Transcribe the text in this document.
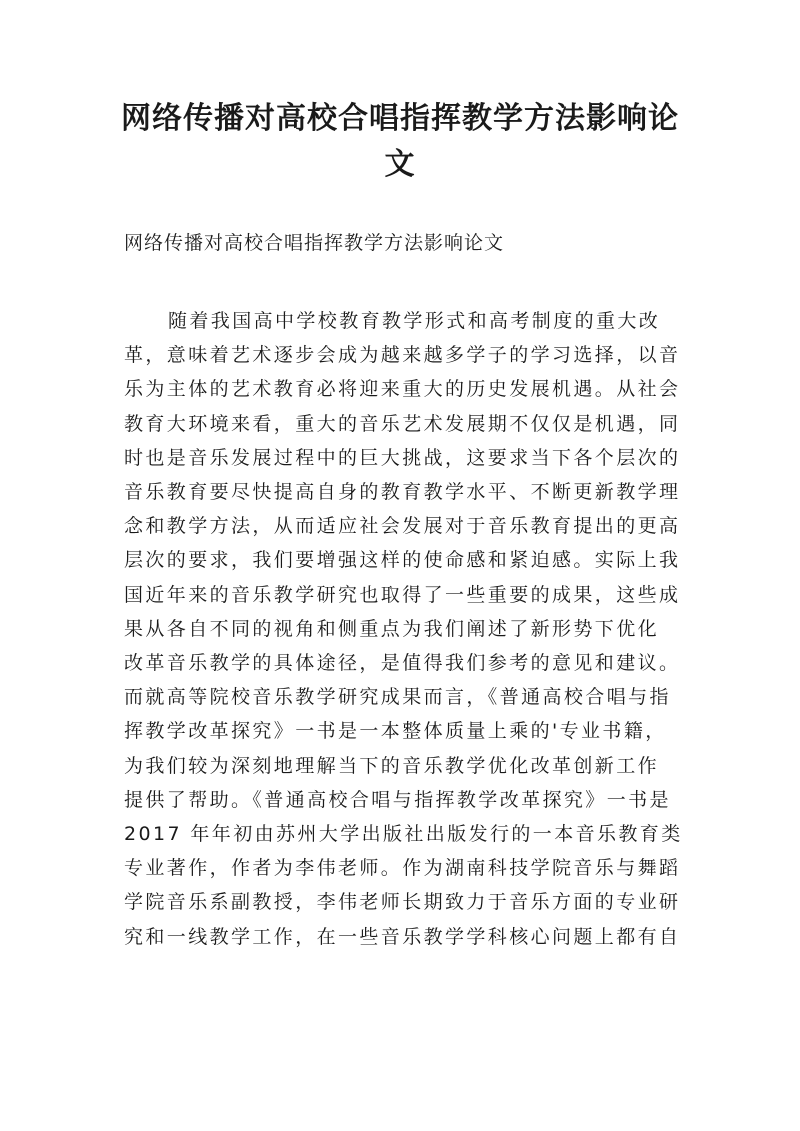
网络传播对高校合唱指挥教学方法影响论
文

网络传播对高校合唱指挥教学方法影响论文

随着我国高中学校教育教学形式和高考制度的重大改
革，意味着艺术逐步会成为越来越多学子的学习选择，以音
乐为主体的艺术教育必将迎来重大的历史发展机遇。从社会
教育大环境来看，重大的音乐艺术发展期不仅仅是机遇，同
时也是音乐发展过程中的巨大挑战，这要求当下各个层次的
音乐教育要尽快提高自身的教育教学水平、不断更新教学理
念和教学方法，从而适应社会发展对于音乐教育提出的更高
层次的要求，我们要增强这样的使命感和紧迫感。实际上我
国近年来的音乐教学研究也取得了一些重要的成果，这些成
果从各自不同的视角和侧重点为我们阐述了新形势下优化
改革音乐教学的具体途径，是值得我们参考的意见和建议。
而就高等院校音乐教学研究成果而言，《普通高校合唱与指
挥教学改革探究》一书是一本整体质量上乘的'专业书籍，
为我们较为深刻地理解当下的音乐教学优化改革创新工作
提供了帮助。《普通高校合唱与指挥教学改革探究》一书是
2017 年年初由苏州大学出版社出版发行的一本音乐教育类
专业著作，作者为李伟老师。作为湖南科技学院音乐与舞蹈
学院音乐系副教授，李伟老师长期致力于音乐方面的专业研
究和一线教学工作，在一些音乐教学学科核心问题上都有自
